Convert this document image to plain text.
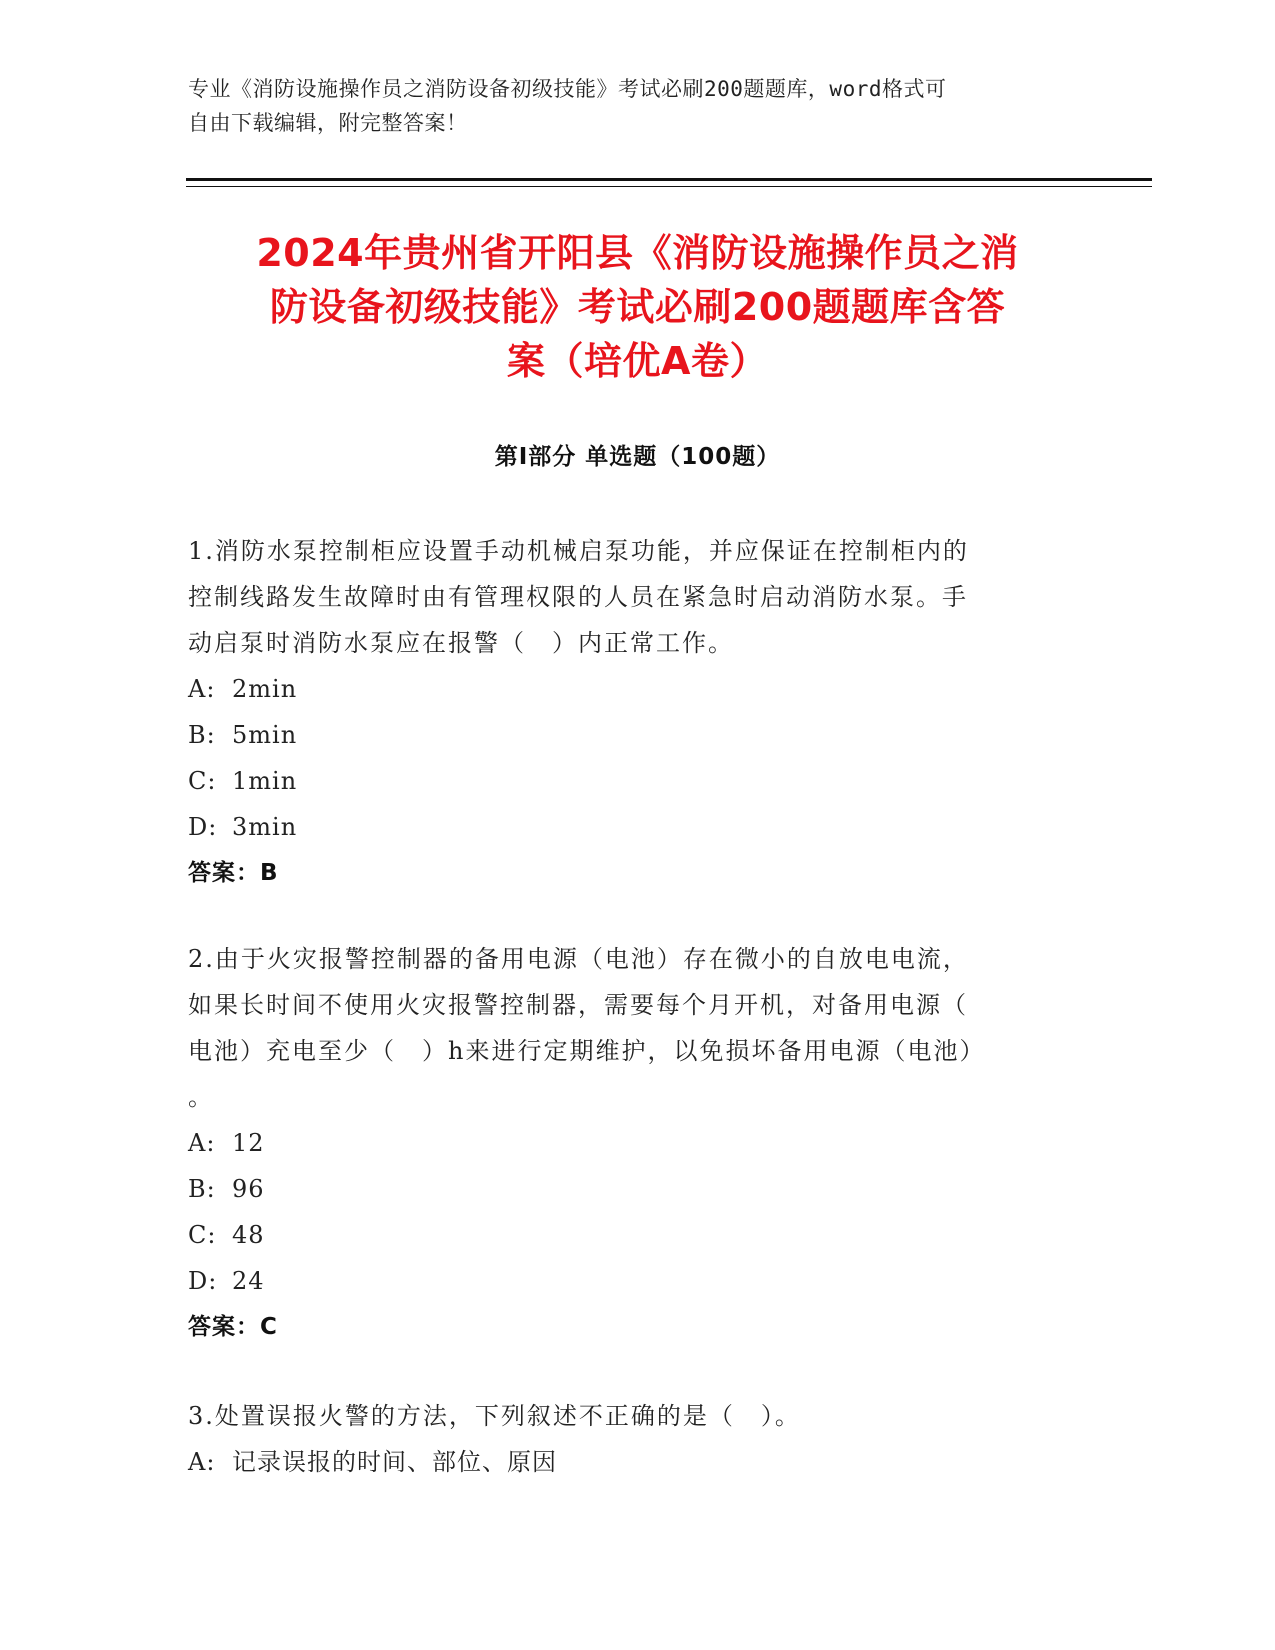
专业《消防设施操作员之消防设备初级技能》考试必刷200题题库，word格式可
自由下载编辑，附完整答案！
2024年贵州省开阳县《消防设施操作员之消
防设备初级技能》考试必刷200题题库含答
案（培优A卷）
第Ⅰ部分 单选题（100题）

1.消防水泵控制柜应设置手动机械启泵功能，并应保证在控制柜内的

控制线路发生故障时由有管理权限的人员在紧急时启动消防水泵。手

动启泵时消防水泵应在报警（　）内正常工作。

A: 2min

B: 5min

C: 1min

D: 3min

答案：B

2.由于火灾报警控制器的备用电源（电池）存在微小的自放电电流，

如果长时间不使用火灾报警控制器，需要每个月开机，对备用电源（

电池）充电至少（　）h来进行定期维护，以免损坏备用电源（电池）

。

A: 12

B: 96

C: 48

D: 24

答案：C

3.处置误报火警的方法，下列叙述不正确的是（　）。

A: 记录误报的时间、部位、原因
